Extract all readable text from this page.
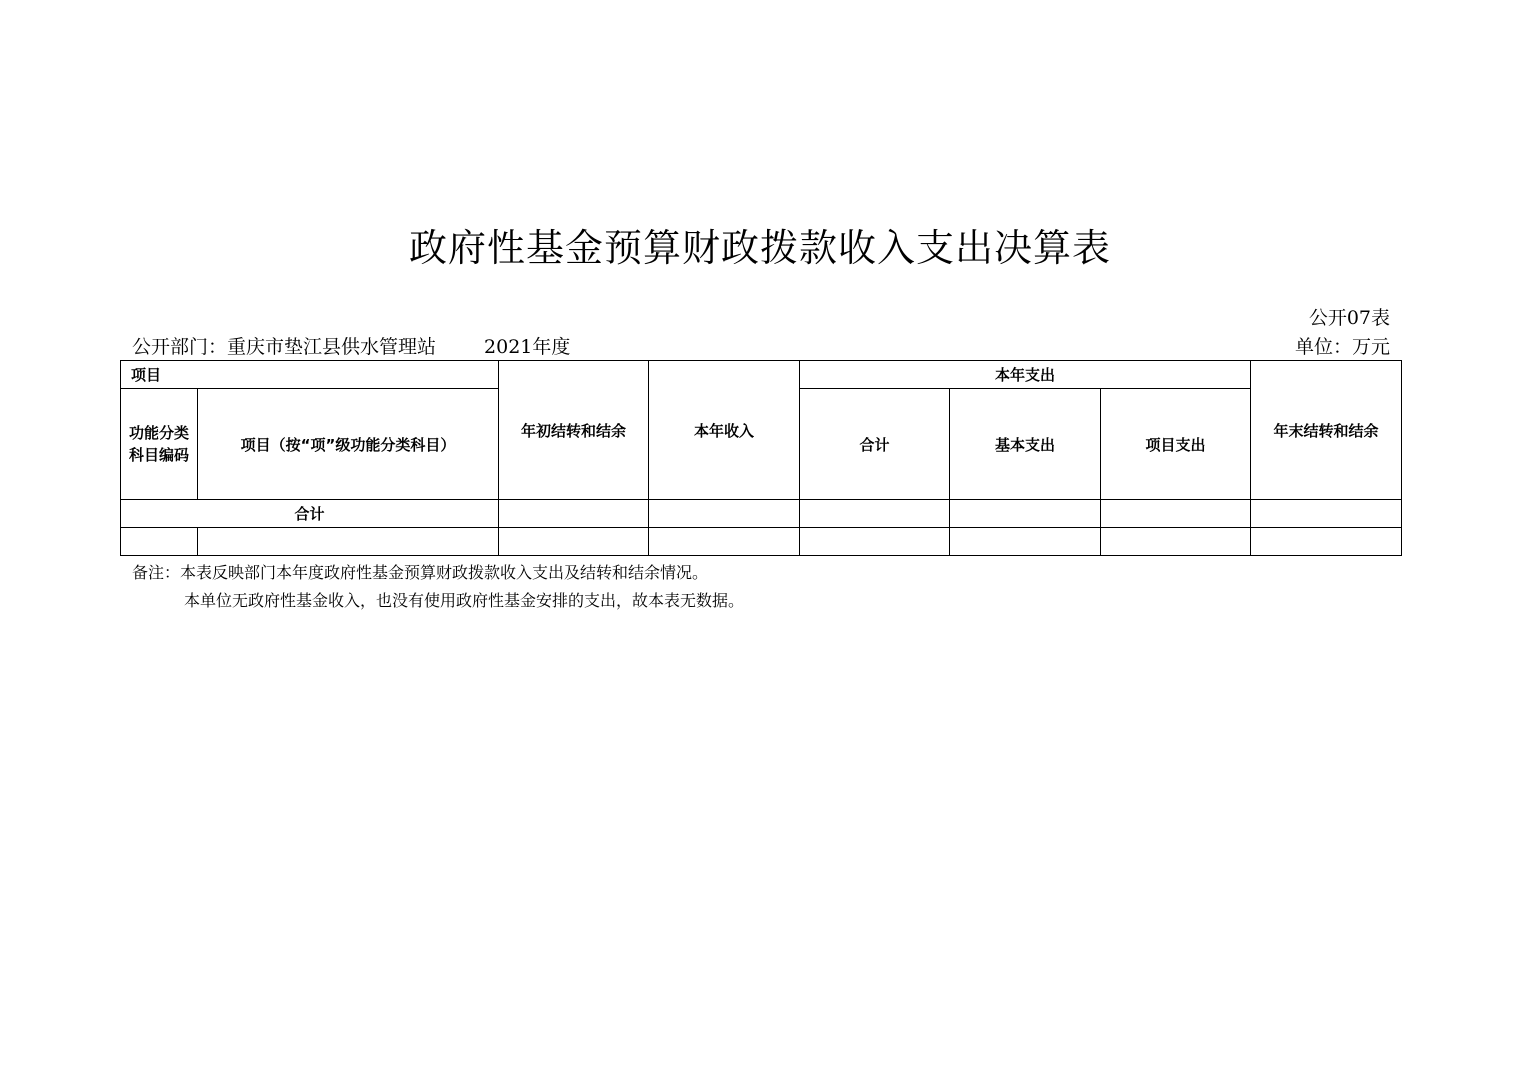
政府性基金预算财政拨款收入支出决算表
公开07表
公开部门：重庆市垫江县供水管理站	2021年度	单位：万元
项目		年初结转和结余	本年收入	本年支出			年末结转和结余
功能分类科目编码	项目（按“项”级功能分类科目）			合计	基本支出	项目支出	
合计							

备注：本表反映部门本年度政府性基金预算财政拨款收入支出及结转和结余情况。
本单位无政府性基金收入，也没有使用政府性基金安排的支出，故本表无数据。
